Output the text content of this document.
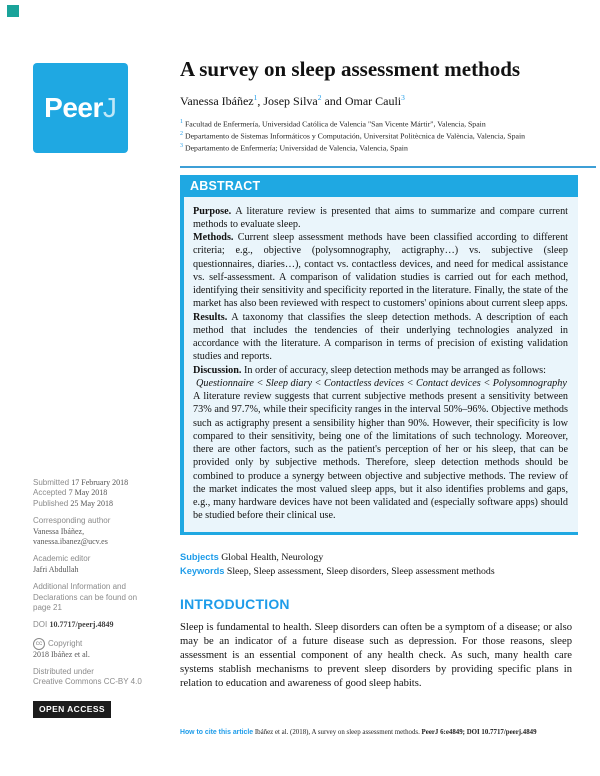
Peer J
Submitted 17 February 2018
Accepted 7 May 2018
Published 25 May 2018
Corresponding author
Vanessa Ibáñez,
vanessa.ibanez@ucv.es
Academic editor
Jafri Abdullah
Additional Information and Declarations can be found on page 21
DOI 10.7717/peerj.4849
cc Copyright
2018 Ibáñez et al.
Distributed under
Creative Commons CC-BY 4.0
OPEN ACCESS
A survey on sleep assessment methods
Vanessa Ibáñez$^1$, Josep Silva$^2$ and Omar Cauli$^3$
$^1$ Facultad de Enfermería, Universidad Católica de Valencia "San Vicente Mártir", Valencia, Spain
$^2$ Departamento de Sistemas Informáticos y Computación, Universitat Politècnica de València, Valencia, Spain
$^3$ Departamento de Enfermería; Universidad de Valencia, Valencia, Spain
ABSTRACT

Purpose. A literature review is presented that aims to summarize and compare current methods to evaluate sleep.

Methods. Current sleep assessment methods have been classified according to different criteria; e.g., objective (polysomnography, actigraphy…) vs. subjective (sleep questionnaires, diaries…), contact vs. contactless devices, and need for medical assistance vs. self-assessment. A comparison of validation studies is carried out for each method, identifying their sensitivity and specificity reported in the literature. Finally, the state of the market has also been reviewed with respect to customers' opinions about current sleep apps.

Results. A taxonomy that classifies the sleep detection methods. A description of each method that includes the tendencies of their underlying technologies analyzed in accordance with the literature. A comparison in terms of precision of existing validation studies and reports.

Discussion. In order of accuracy, sleep detection methods may be arranged as follows:

Questionnaire < Sleep diary < Contactless devices < Contact devices < Polysomnography

A literature review suggests that current subjective methods present a sensitivity between 73% and 97.7%, while their specificity ranges in the interval 50%–96%. Objective methods such as actigraphy present a sensibility higher than 90%. However, their specificity is low compared to their sensitivity, being one of the limitations of such technology. Moreover, there are other factors, such as the patient's perception of her or his sleep, that can be provided only by subjective methods. Therefore, sleep detection methods should be combined to produce a synergy between objective and subjective methods. The review of the market indicates the most valued sleep apps, but it also identifies problems and gaps, e.g., many hardware devices have not been validated and (especially software apps) should be studied before their clinical use.

Subjects Global Health, Neurology
Keywords Sleep, Sleep assessment, Sleep disorders, Sleep assessment methods
INTRODUCTION

Sleep is fundamental to health. Sleep disorders can often be a symptom of a disease; or also may be an indicator of a future disease such as depression. For those reasons, sleep assessment is an essential component of any health check. As such, many health care systems stablish mechanisms to prevent sleep disorders by providing specific plans in relation to education and awareness of good sleep habits.

How to cite this article Ibáñez et al. (2018), A survey on sleep assessment methods. PeerJ 6:e4849; DOI 10.7717/peerj.4849
